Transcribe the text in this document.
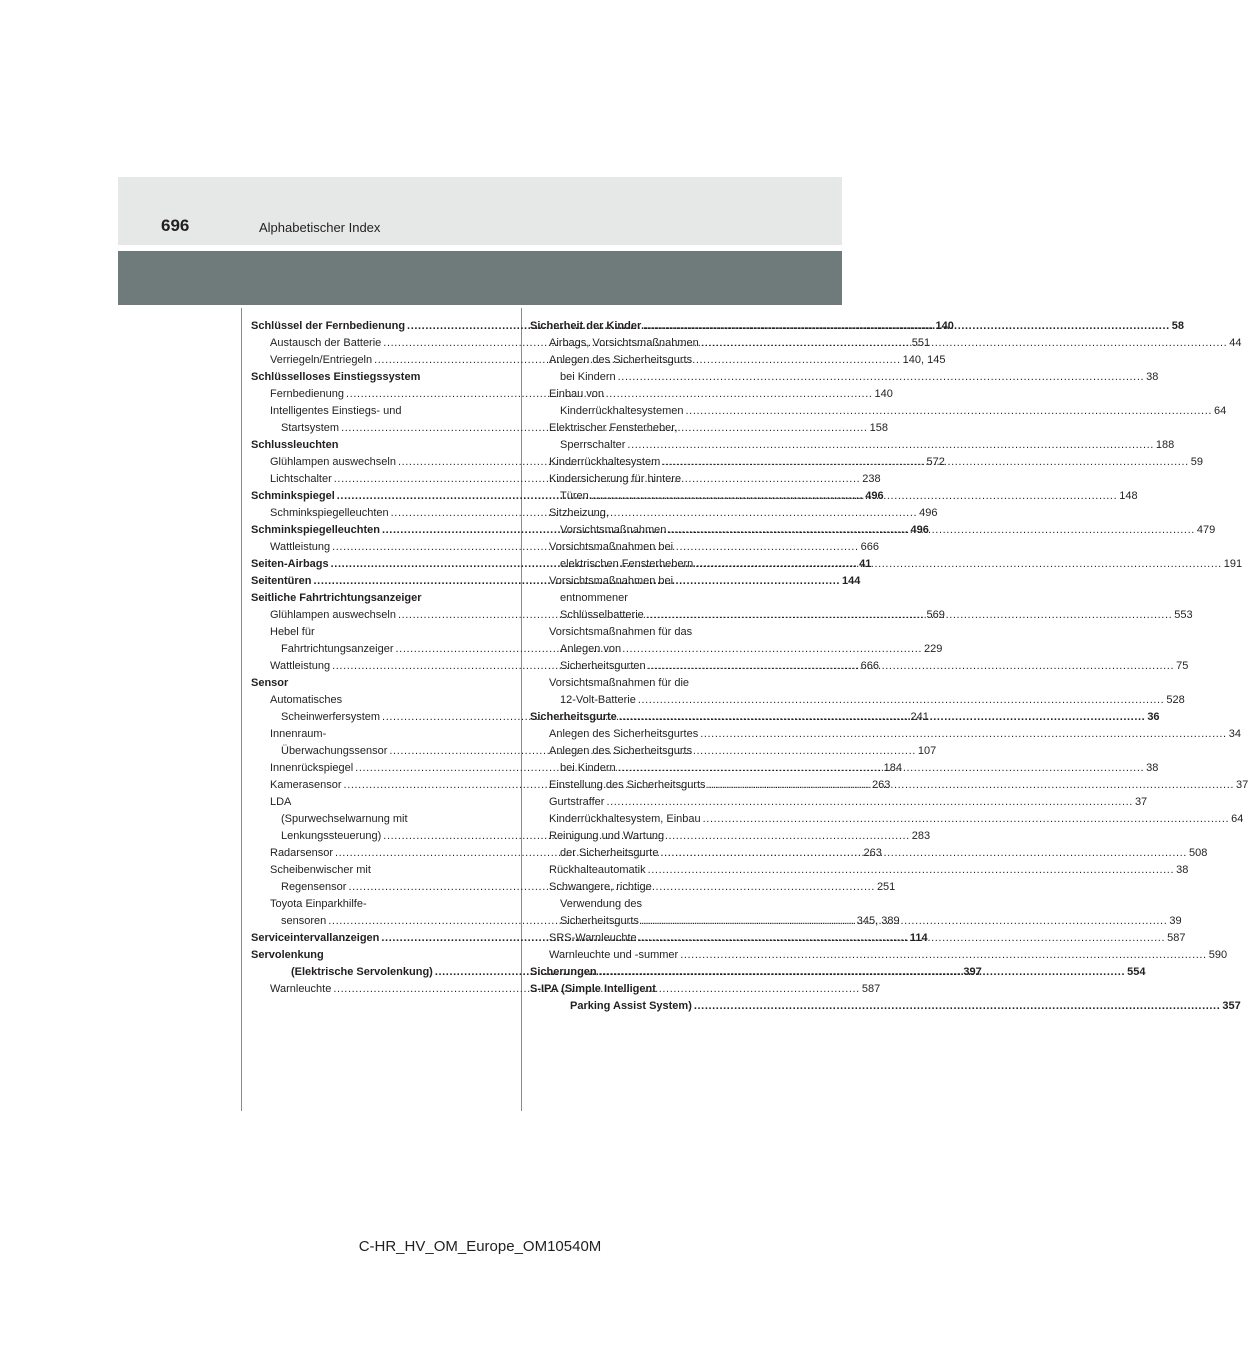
696	Alphabetischer Index
Schlüssel der Fernbedienung .....	140
Austausch der Batterie .....	551
Verriegeln/Entriegeln .....	140, 145
Schlüsselloses Einstiegssystem
Fernbedienung .....	140
Intelligentes Einstiegs- und
Startsystem .....	158
Schlussleuchten
Glühlampen auswechseln .....	572
Lichtschalter .....	238
Schminkspiegel .....	496
Schminkspiegelleuchten .....	496
Schminkspiegelleuchten .....	496
Wattleistung .....	666
Seiten-Airbags .....	41
Seitentüren .....	144
Seitliche Fahrtrichtungsanzeiger
Glühlampen auswechseln .....	569
Hebel für
Fahrtrichtungsanzeiger .....	229
Wattleistung .....	666
Sensor
Automatisches
Scheinwerfersystem .....	241
Innenraum-
Überwachungssensor .....	107
Innenrückspiegel .....	184
Kamerasensor .....	263
LDA
(Spurwechselwarnung mit
Lenkungssteuerung) .....	283
Radarsensor .....	263
Scheibenwischer mit
Regensensor .....	251
Toyota Einparkhilfe-
sensoren .....	345, 389
Serviceintervallanzeigen .....	114
Servolenkung
(Elektrische Servolenkung) .....	397
Warnleuchte .....	587
Sicherheit der Kinder .....	58
Airbags, Vorsichtsmaßnahmen .....	44
Anlegen des Sicherheitsgurts
bei Kindern .....	38
Einbau von
Kinderrückhaltesystemen .....	64
Elektrischer Fensterheber,
Sperrschalter .....	188
Kinderrückhaltesystem .....	59
Kindersicherung für hintere
Türen .....	148
Sitzheizung,
Vorsichtsmaßnahmen .....	479
Vorsichtsmaßnahmen bei
elektrischen Fensterhebern .....	191
Vorsichtsmaßnahmen bei
entnommener
Schlüsselbatterie .....	553
Vorsichtsmaßnahmen für das
Anlegen von
Sicherheitsgurten .....	75
Vorsichtsmaßnahmen für die
12-Volt-Batterie .....	528
Sicherheitsgurte .....	36
Anlegen des Sicherheitsgurtes .....	34
Anlegen des Sicherheitsgurts
bei Kindern .....	38
Einstellung des Sicherheitsgurts .....	37
Gurtstraffer .....	37
Kinderrückhaltesystem, Einbau .....	64
Reinigung und Wartung
der Sicherheitsgurte .....	508
Rückhalteautomatik .....	38
Schwangere, richtige
Verwendung des
Sicherheitsgurts .....	39
SRS-Warnleuchte .....	587
Warnleuchte und -summer .....	590
Sicherungen .....	554
S-IPA (Simple Intelligent
Parking Assist System) .....	357
C-HR_HV_OM_Europe_OM10540M
